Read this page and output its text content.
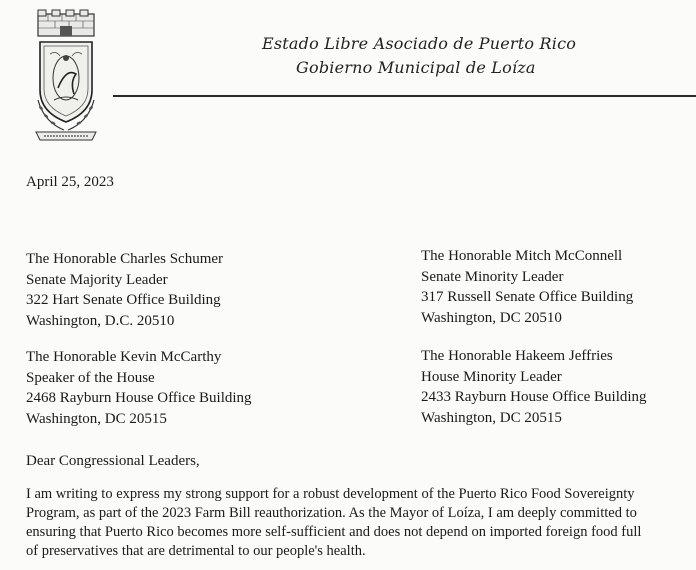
Estado Libre Asociado de Puerto Rico
Gobierno Municipal de Loíza
April 25, 2023
The Honorable Charles Schumer
Senate Majority Leader
322 Hart Senate Office Building
Washington, D.C. 20510
The Honorable Mitch McConnell
Senate Minority Leader
317 Russell Senate Office Building
Washington, DC 20510
The Honorable Kevin McCarthy
Speaker of the House
2468 Rayburn House Office Building
Washington, DC 20515
The Honorable Hakeem Jeffries
House Minority Leader
2433 Rayburn House Office Building
Washington, DC 20515
Dear Congressional Leaders,
I am writing to express my strong support for a robust development of the Puerto Rico Food Sovereignty
Program, as part of the 2023 Farm Bill reauthorization. As the Mayor of Loíza, I am deeply committed to
ensuring that Puerto Rico becomes more self-sufficient and does not depend on imported foreign food full
of preservatives that are detrimental to our people's health.
